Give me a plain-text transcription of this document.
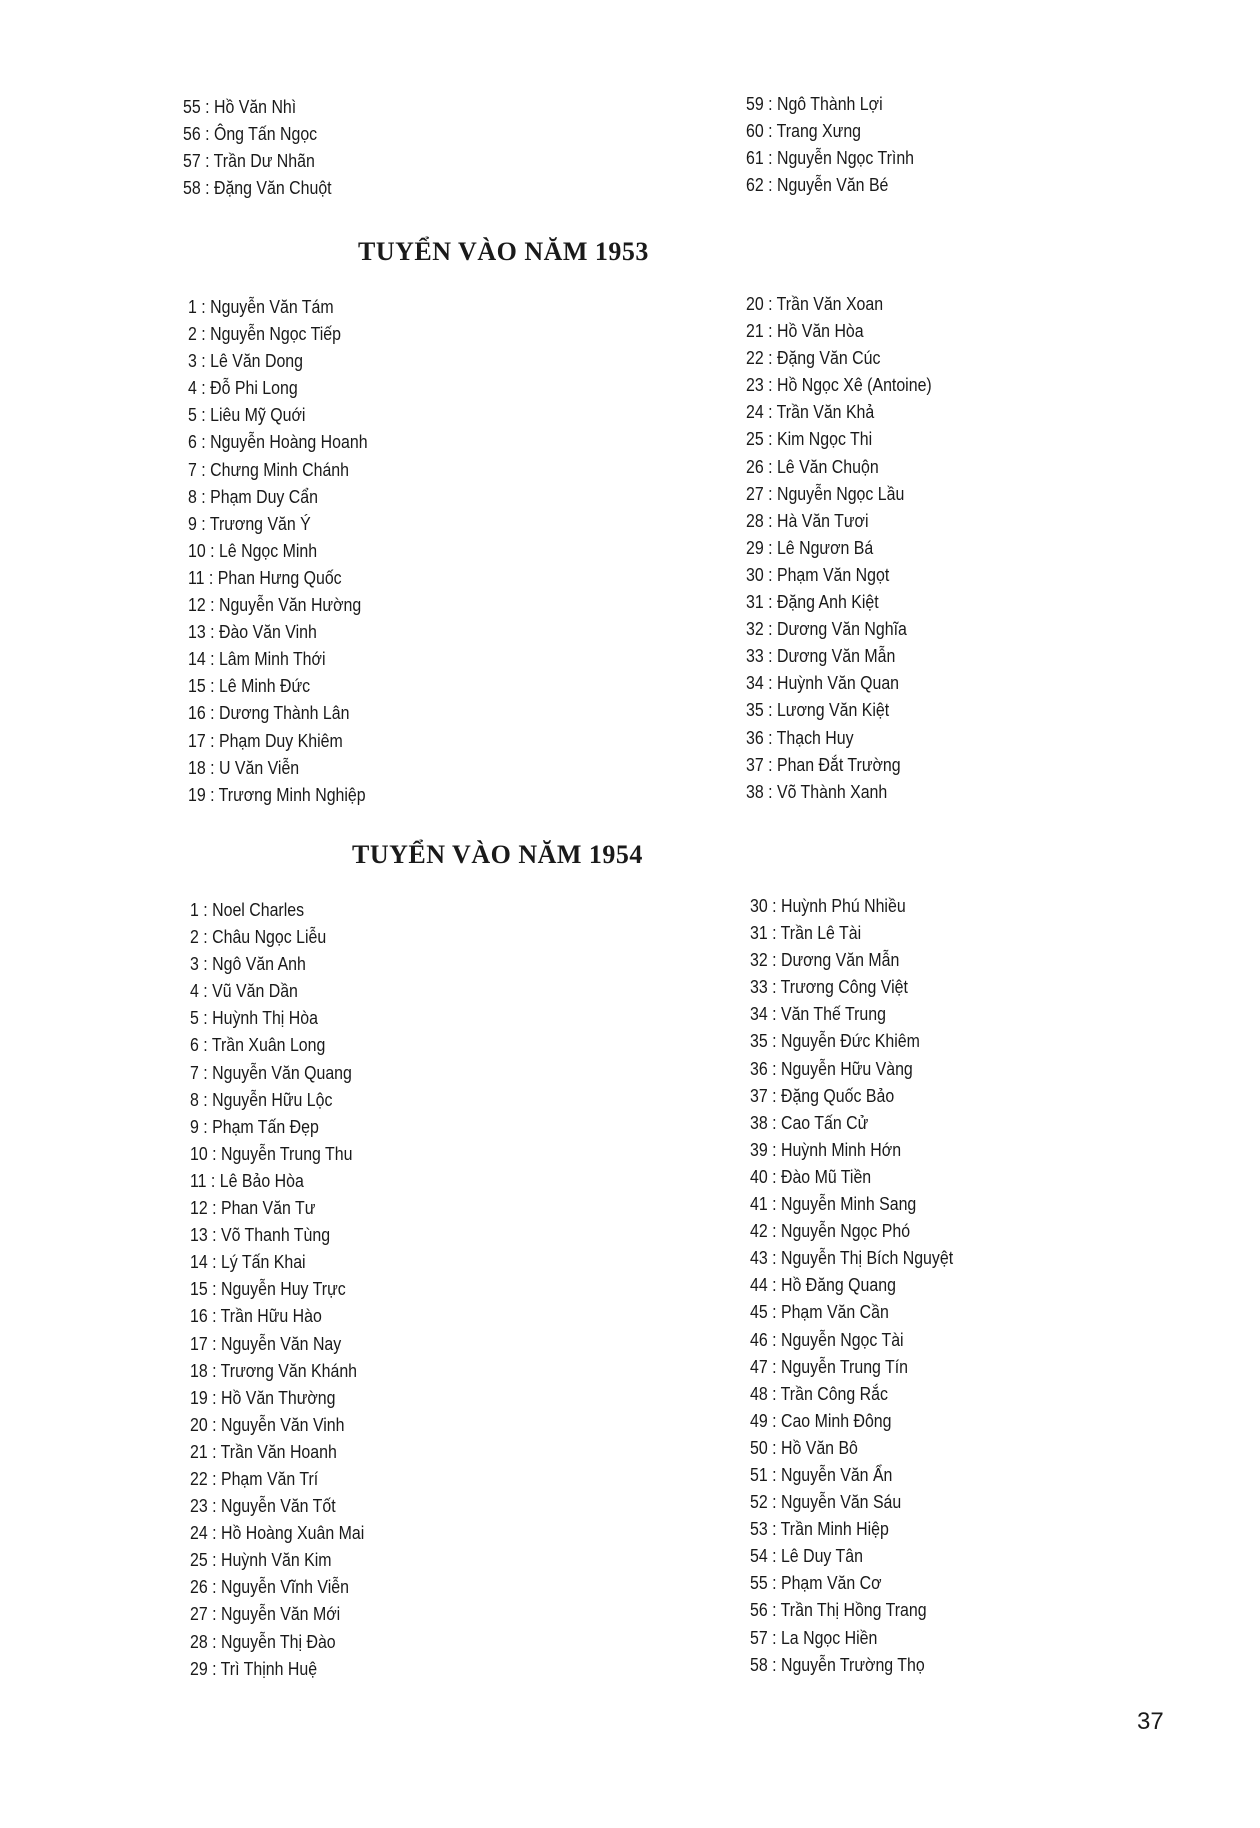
55 : Hồ Văn Nhì
56 : Ông Tấn Ngọc
57 : Trần Dư Nhãn
58 : Đặng Văn Chuột
59 : Ngô Thành Lợi
60 : Trang Xưng
61 : Nguyễn Ngọc Trình
62 : Nguyễn Văn Bé
TUYỂN VÀO NĂM 1953
1 : Nguyễn Văn Tám
2 : Nguyễn Ngọc Tiếp
3 : Lê Văn Dong
4 : Đỗ Phi Long
5 : Liêu Mỹ Quới
6 : Nguyễn Hoàng Hoanh
7 : Chưng Minh Chánh
8 : Phạm Duy Cẩn
9 : Trương Văn Ý
10 : Lê Ngọc Minh
11 : Phan Hưng Quốc
12 : Nguyễn Văn Hường
13 : Đào Văn Vinh
14 : Lâm Minh Thới
15 : Lê Minh Đức
16 : Dương Thành Lân
17 : Phạm Duy Khiêm
18 : U Văn Viễn
19 : Trương Minh Nghiệp
20 : Trần Văn Xoan
21 : Hồ Văn Hòa
22 : Đặng Văn Cúc
23 : Hồ Ngọc Xê (Antoine)
24 : Trần Văn Khả
25 : Kim Ngọc Thi
26 : Lê Văn Chuộn
27 : Nguyễn Ngọc Lầu
28 : Hà Văn Tươi
29 : Lê Ngươn Bá
30 : Phạm Văn Ngọt
31 : Đặng Anh Kiệt
32 : Dương Văn Nghĩa
33 : Dương Văn Mẫn
34 : Huỳnh Văn Quan
35 : Lương Văn Kiệt
36 : Thạch Huy
37 : Phan Đắt Trường
38 : Võ Thành Xanh
TUYỂN VÀO NĂM 1954
1 : Noel Charles
2 : Châu Ngọc Liễu
3 : Ngô Văn Anh
4 : Vũ Văn Dần
5 : Huỳnh Thị Hòa
6 : Trần Xuân Long
7 : Nguyễn Văn Quang
8 : Nguyễn Hữu Lộc
9 : Phạm Tấn Đẹp
10 : Nguyễn Trung Thu
11 : Lê Bảo Hòa
12 : Phan Văn Tư
13 : Võ Thanh Tùng
14 : Lý Tấn Khai
15 : Nguyễn Huy Trực
16 : Trần Hữu Hào
17 : Nguyễn Văn Nay
18 : Trương Văn Khánh
19 : Hồ Văn Thường
20 : Nguyễn Văn Vinh
21 : Trần Văn Hoanh
22 : Phạm Văn Trí
23 : Nguyễn Văn Tốt
24 : Hồ Hoàng Xuân Mai
25 : Huỳnh Văn Kim
26 : Nguyễn Vĩnh Viễn
27 : Nguyễn Văn Mới
28 : Nguyễn Thị Đào
29 : Trì Thịnh Huệ
30 : Huỳnh Phú Nhiều
31 : Trần Lê Tài
32 : Dương Văn Mẫn
33 : Trương Công Việt
34 : Văn Thế Trung
35 : Nguyễn Đức Khiêm
36 : Nguyễn Hữu Vàng
37 : Đặng Quốc Bảo
38 : Cao Tấn Cử
39 : Huỳnh Minh Hớn
40 : Đào Mũ Tiền
41 : Nguyễn Minh Sang
42 : Nguyễn Ngọc Phó
43 : Nguyễn Thị Bích Nguyệt
44 : Hồ Đăng Quang
45 : Phạm Văn Cần
46 : Nguyễn Ngọc Tài
47 : Nguyễn Trung Tín
48 : Trần Công Rắc
49 : Cao Minh Đông
50 : Hồ Văn Bô
51 : Nguyễn Văn Ẩn
52 : Nguyễn Văn Sáu
53 : Trần Minh Hiệp
54 : Lê Duy Tân
55 : Phạm Văn Cơ
56 : Trần Thị Hồng Trang
57 : La Ngọc Hiền
58 : Nguyễn Trường Thọ
37
